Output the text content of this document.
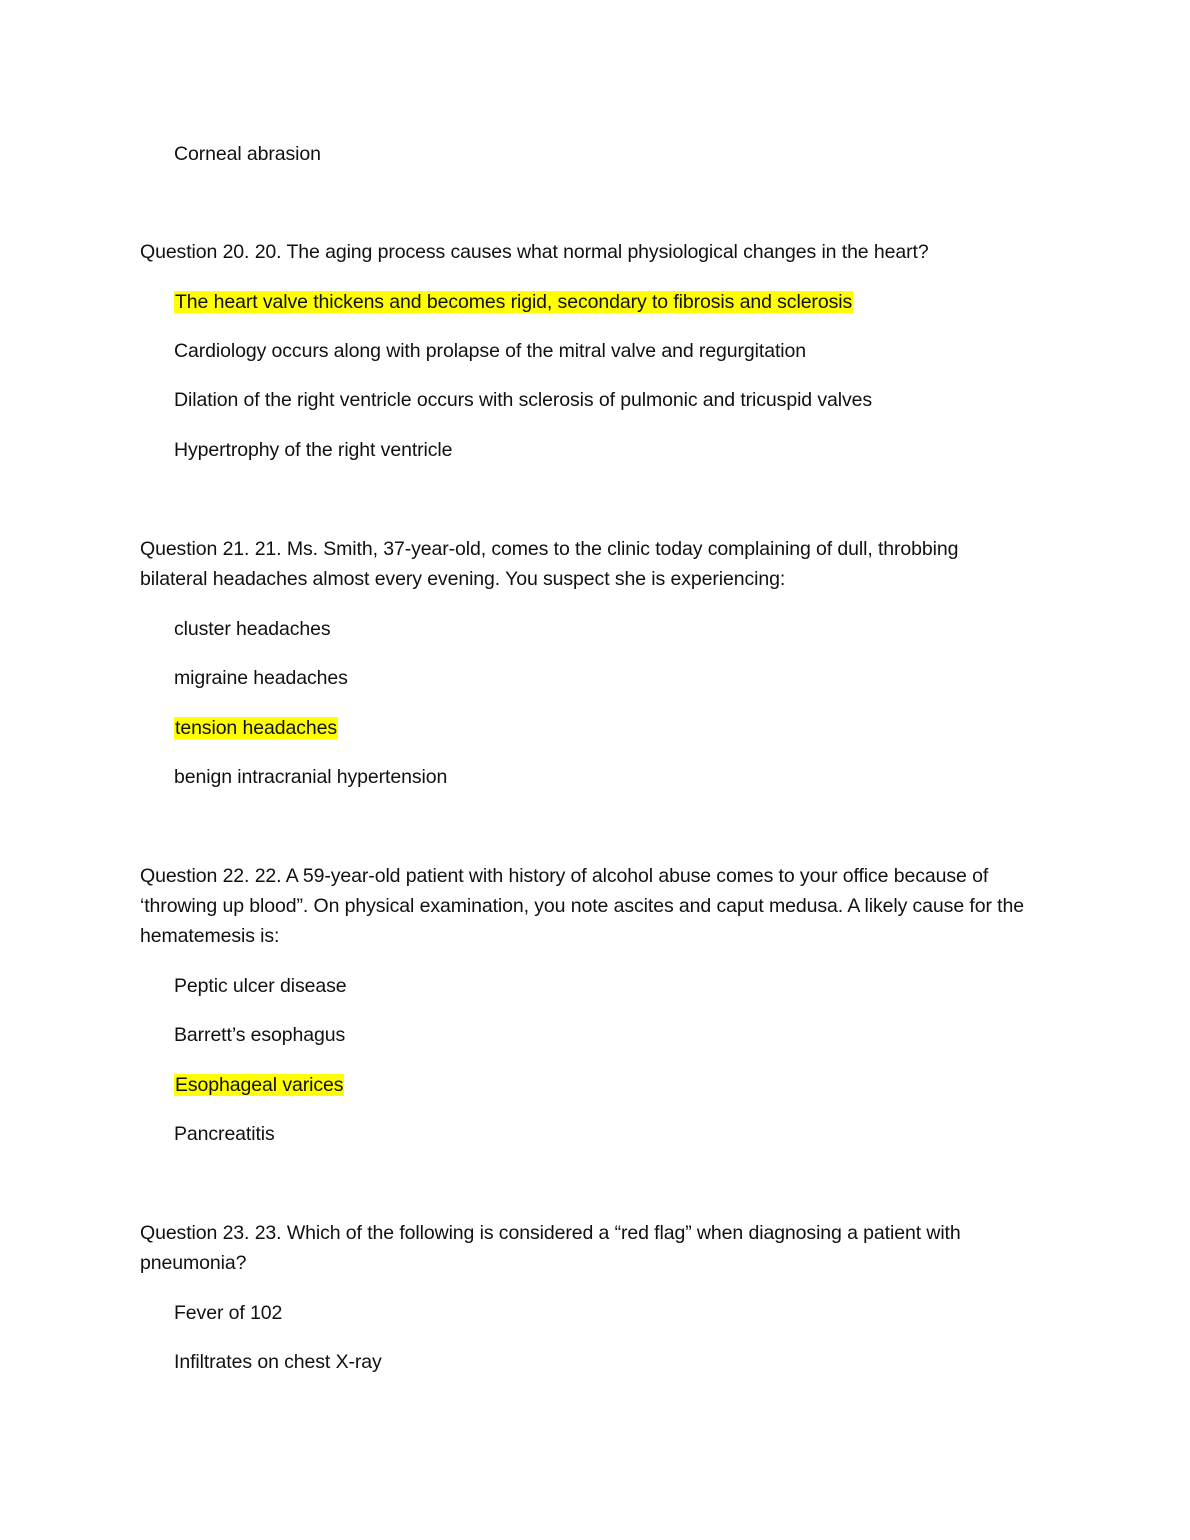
Corneal abrasion
Question 20. 20. The aging process causes what normal physiological changes in the heart?
The heart valve thickens and becomes rigid, secondary to fibrosis and sclerosis
Cardiology occurs along with prolapse of the mitral valve and regurgitation
Dilation of the right ventricle occurs with sclerosis of pulmonic and tricuspid valves
Hypertrophy of the right ventricle
Question 21. 21. Ms. Smith, 37-year-old, comes to the clinic today complaining of dull, throbbing
bilateral headaches almost every evening. You suspect she is experiencing:
cluster headaches
migraine headaches
tension headaches
benign intracranial hypertension
Question 22. 22. A 59-year-old patient with history of alcohol abuse comes to your office because of
‘throwing up blood”. On physical examination, you note ascites and caput medusa. A likely cause for the
hematemesis is:
Peptic ulcer disease
Barrett’s esophagus
Esophageal varices
Pancreatitis
Question 23. 23. Which of the following is considered a “red flag” when diagnosing a patient with
pneumonia?
Fever of 102
Infiltrates on chest X-ray
